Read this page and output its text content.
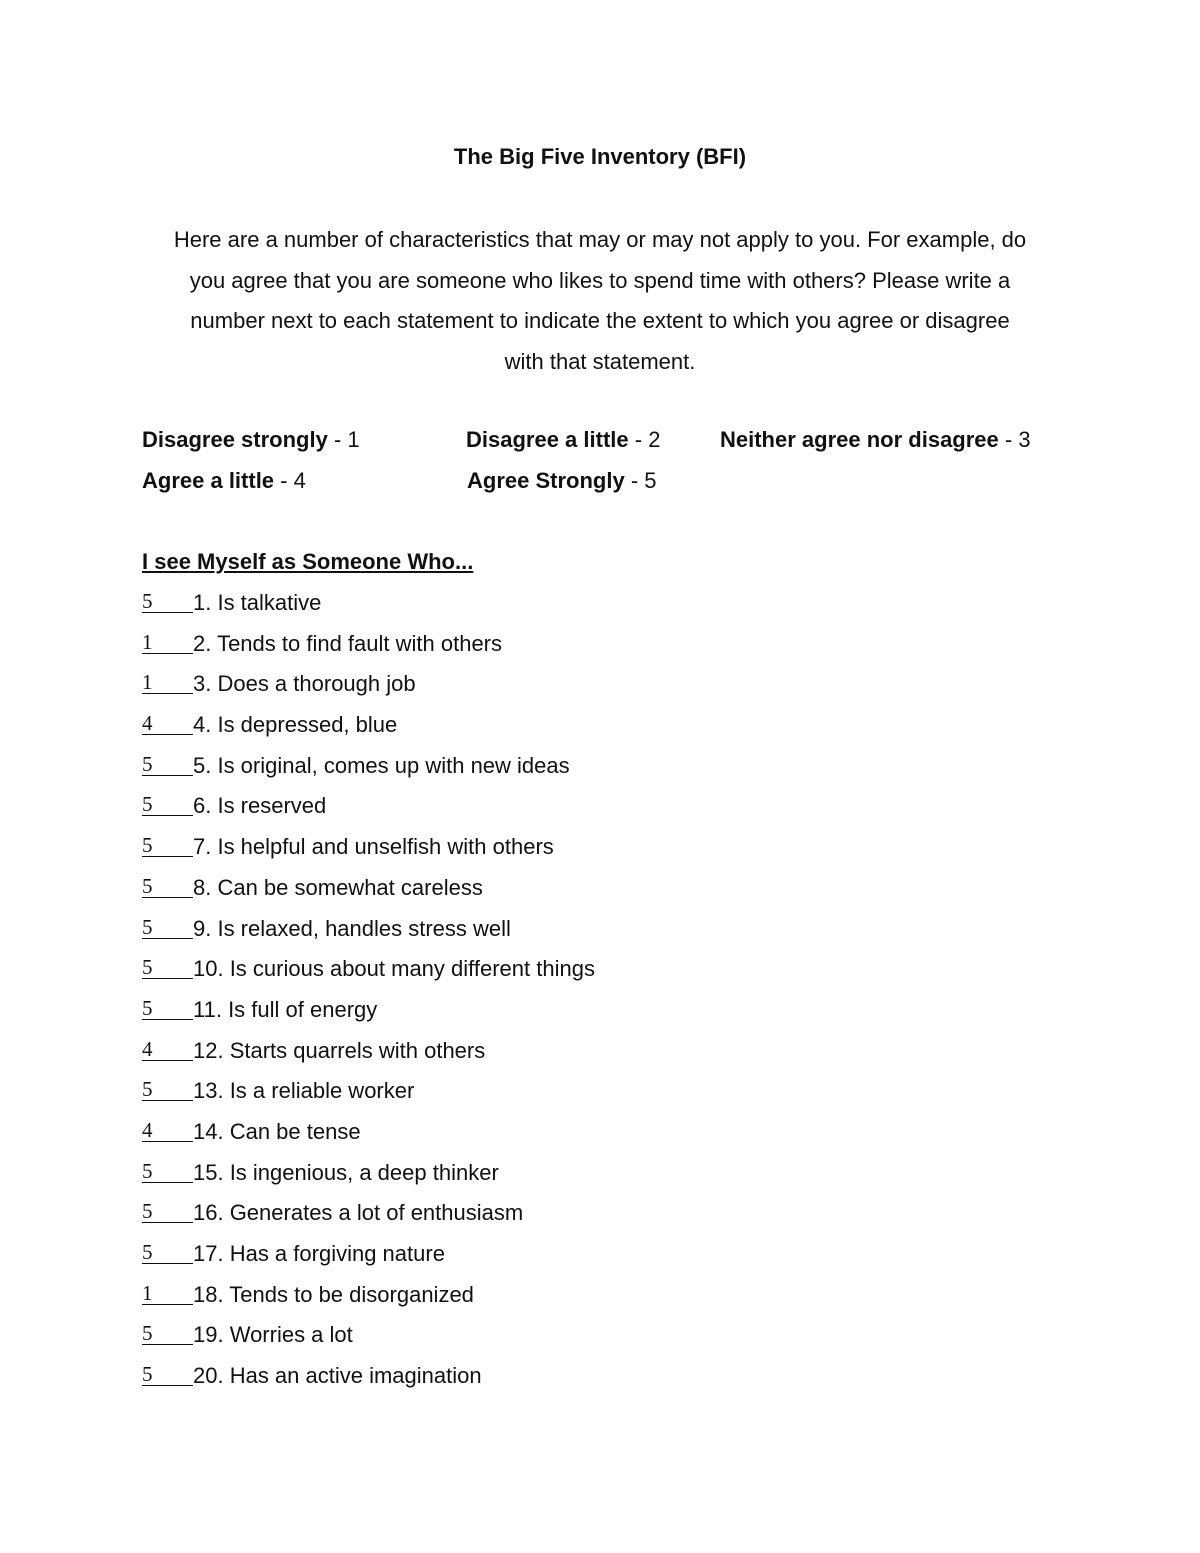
The Big Five Inventory (BFI)
Here are a number of characteristics that may or may not apply to you. For example, do
you agree that you are someone who likes to spend time with others? Please write a
number next to each statement to indicate the extent to which you agree or disagree
with that statement.
Disagree strongly - 1	Disagree a little - 2	Neither agree nor disagree - 3
Agree a little - 4	Agree Strongly - 5
I see Myself as Someone Who...
5	1. Is talkative
1	2. Tends to find fault with others
1	3. Does a thorough job
4	4. Is depressed, blue
5	5. Is original, comes up with new ideas
5	6. Is reserved
5	7. Is helpful and unselfish with others
5	8. Can be somewhat careless
5	9. Is relaxed, handles stress well
5	10. Is curious about many different things
5	11. Is full of energy
4	12. Starts quarrels with others
5	13. Is a reliable worker
4	14. Can be tense
5	15. Is ingenious, a deep thinker
5	16. Generates a lot of enthusiasm
5	17. Has a forgiving nature
1	18. Tends to be disorganized
5	19. Worries a lot
5	20. Has an active imagination
